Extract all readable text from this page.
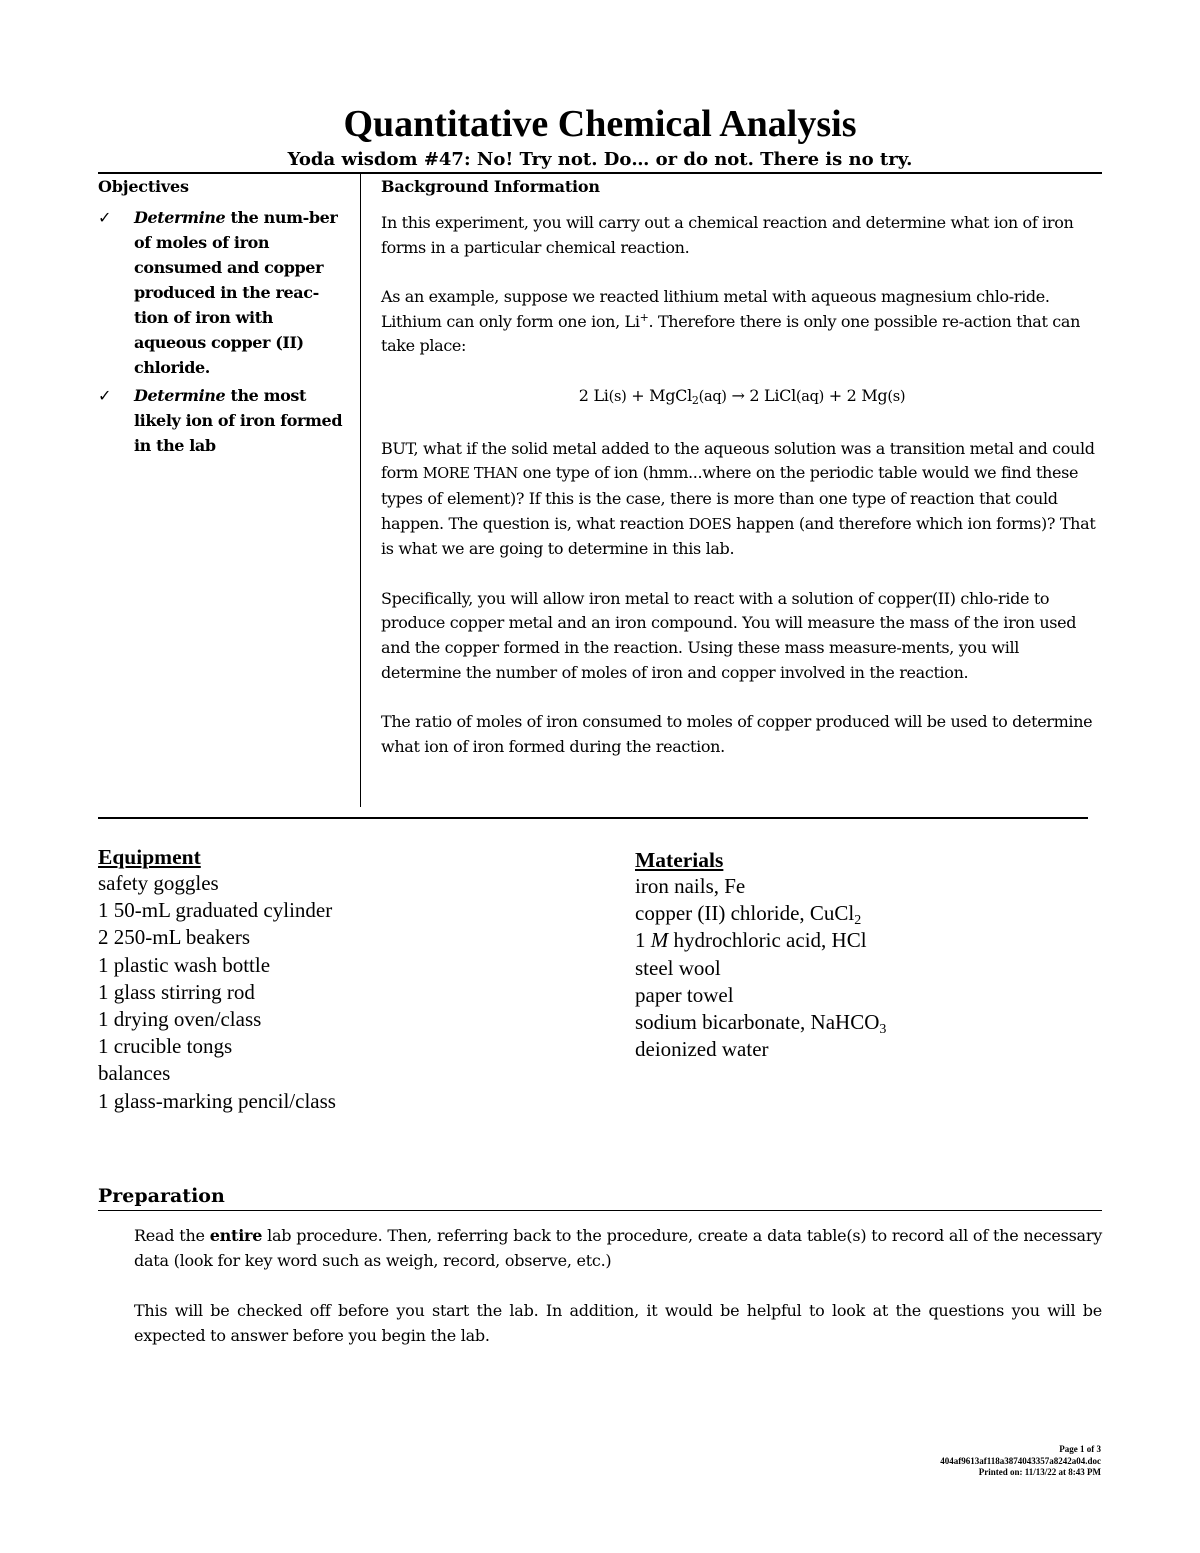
Quantitative Chemical Analysis
Yoda wisdom #47: No! Try not. Do… or do not. There is no try.
Objectives
✓	Determine the num-ber of moles of iron consumed and copper produced in the reac-tion of iron with aqueous copper (II) chloride.
✓	Determine the most likely ion of iron formed in the lab
Background Information

In this experiment, you will carry out a chemical reaction and determine what ion of iron forms in a particular chemical reaction.

As an example, suppose we reacted lithium metal with aqueous magnesium chlo-ride. Lithium can only form one ion, Li+. Therefore there is only one possible re-action that can take place:

2 Li(s) + MgCl$_2$(aq) → 2 LiCl(aq) + 2 Mg(s)

BUT, what if the solid metal added to the aqueous solution was a transition metal and could form MORE THAN one type of ion (hmm...where on the periodic table would we find these types of element)? If this is the case, there is more than one type of reaction that could happen. The question is, what reaction DOES happen (and therefore which ion forms)? That is what we are going to determine in this lab.

Specifically, you will allow iron metal to react with a solution of copper(II) chlo-ride to produce copper metal and an iron compound. You will measure the mass of the iron used and the copper formed in the reaction. Using these mass measure-ments, you will determine the number of moles of iron and copper involved in the reaction.

The ratio of moles of iron consumed to moles of copper produced will be used to determine what ion of iron formed during the reaction.

Equipment
safety goggles
1 50-mL graduated cylinder
2 250-mL beakers
1 plastic wash bottle
1 glass stirring rod
1 drying oven/class
1 crucible tongs
balances
1 glass-marking pencil/class
Materials
iron nails, Fe
copper (II) chloride, CuCl$_2$
1 M hydrochloric acid, HCl
steel wool
paper towel
sodium bicarbonate, NaHCO$_3$
deionized water
Preparation

Read the entire lab procedure. Then, referring back to the procedure, create a data table(s) to record all of the necessary data (look for key word such as weigh, record, observe, etc.)

This will be checked off before you start the lab. In addition, it would be helpful to look at the questions you will be expected to answer before you begin the lab.

Page 1 of 3
404af9613af118a3874043357a8242a04.doc
Printed on: 11/13/22 at 8:43 PM
